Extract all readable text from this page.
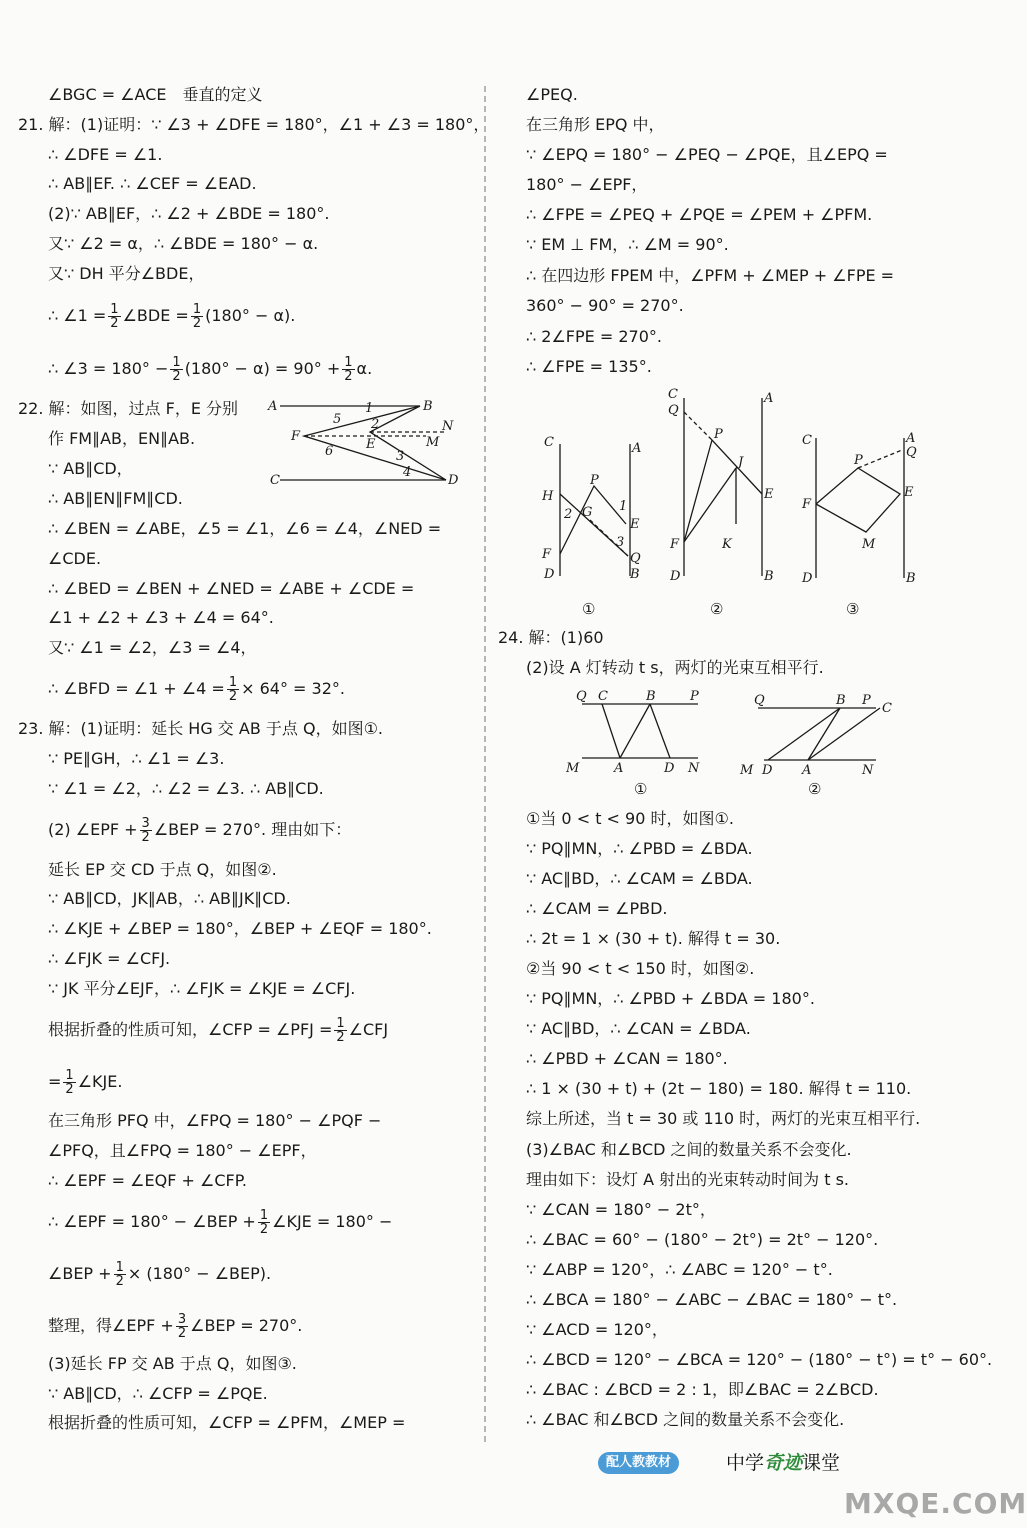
∠BGC = ∠ACE　垂直的定义
21. 解：(1)证明：∵ ∠3 + ∠DFE = 180°，∠1 + ∠3 = 180°，
∴ ∠DFE = ∠1.
∴ AB∥EF. ∴ ∠CEF = ∠EAD.
(2)∵ AB∥EF，∴ ∠2 + ∠BDE = 180°.
又∵ ∠2 = α，∴ ∠BDE = 180° − α.
又∵ DH 平分∠BDE，
22. 解：如图，过点 F，E 分别
作 FM∥AB，EN∥AB.
∵ AB∥CD，
∴ AB∥EN∥FM∥CD.
∴ ∠BEN = ∠ABE，∠5 = ∠1，∠6 = ∠4，∠NED =
∠CDE.
∴ ∠BED = ∠BEN + ∠NED = ∠ABE + ∠CDE =
∠1 + ∠2 + ∠3 + ∠4 = 64°.
又∵ ∠1 = ∠2，∠3 = ∠4，
23. 解：(1)证明：延长 HG 交 AB 于点 Q，如图①.
∵ PE∥GH，∴ ∠1 = ∠3.
∵ ∠1 = ∠2，∴ ∠2 = ∠3. ∴ AB∥CD.
延长 EP 交 CD 于点 Q，如图②.
∵ AB∥CD，JK∥AB，∴ AB∥JK∥CD.
∴ ∠KJE + ∠BEP = 180°，∠BEP + ∠EQF = 180°.
∴ ∠FJK = ∠CFJ.
∵ JK 平分∠EJF，∴ ∠FJK = ∠KJE = ∠CFJ.
在三角形 PFQ 中，∠FPQ = 180° − ∠PQF −
∠PFQ，且∠FPQ = 180° − ∠EPF，
∴ ∠EPF = ∠EQF + ∠CFP.
(3)延长 FP 交 AB 于点 Q，如图③.
∵ AB∥CD，∴ ∠CFP = ∠PQE.
根据折叠的性质可知，∠CFP = ∠PFM，∠MEP =
∴ ∠1 = $\frac{1}{2}$ ∠BDE = $\frac{1}{2} (180^\circ - \alpha)$.
∴ ∠3 = $180^\circ - \frac{1}{2} (180^\circ - \alpha) = 90^\circ + \frac{1}{2} \alpha$.
∴ ∠BFD = ∠1 + ∠4 = $\frac{1}{2} \times 64^\circ = 32^\circ$.
(2) ∠EPF + $\frac{3}{2}$ ∠BEP = 270°. 理由如下：
根据折叠的性质可知，∠CFP = ∠PFJ = $\frac{1}{2}$ ∠CFJ
= $\frac{1}{2}$ ∠KJE.
∴ ∠EPF = 180° − ∠BEP + $\frac{1}{2}$ ∠KJE = 180° −
∠BEP + $\frac{1}{2} \times (180^\circ$ − ∠BEP).
整理，得∠EPF + $\frac{3}{2}$ ∠BEP = 270°.
∠PEQ.
在三角形 EPQ 中，
∵ ∠EPQ = 180° − ∠PEQ − ∠PQE，且∠EPQ =
180° − ∠EPF，
∴ ∠FPE = ∠PEQ + ∠PQE = ∠PEM + ∠PFM.
∵ EM ⊥ FM，∴ ∠M = 90°.
∴ 在四边形 FPEM 中，∠PFM + ∠MEP + ∠FPE =
360° − 90° = 270°.
∴ 2∠FPE = 270°.
∴ ∠FPE = 135°.
24. 解：(1)60
(2)设 A 灯转动 t s，两灯的光束互相平行.
①当 0 < t < 90 时，如图①.
∵ PQ∥MN，∴ ∠PBD = ∠BDA.
∵ AC∥BD，∴ ∠CAM = ∠BDA.
∴ ∠CAM = ∠PBD.
∴ 2t = 1 × (30 + t). 解得 t = 30.
②当 90 < t < 150 时，如图②.
∵ PQ∥MN，∴ ∠PBD + ∠BDA = 180°.
∵ AC∥BD，∴ ∠CAN = ∠BDA.
∴ ∠PBD + ∠CAN = 180°.
∴ 1 × (30 + t) + (2t − 180) = 180. 解得 t = 110.
综上所述，当 t = 30 或 110 时，两灯的光束互相平行.
(3)∠BAC 和∠BCD 之间的数量关系不会变化.
理由如下：设灯 A 射出的光束转动时间为 t s.
∵ ∠CAN = 180° − 2t°，
∴ ∠BAC = 60° − (180° − 2t°) = 2t° − 120°.
∵ ∠ABP = 120°，∴ ∠ABC = 120° − t°.
∴ ∠BCA = 180° − ∠ABC − ∠BAC = 180° − t°.
∵ ∠ACD = 120°，
∴ ∠BCD = 120° − ∠BCA = 120° − (180° − t°) = t° − 60°.
∴ ∠BAC : ∠BCD = 2 : 1，即∠BAC = 2∠BCD.
∴ ∠BAC 和∠BCD 之间的数量关系不会变化.
A	B
C	D
F
E	M
N
1
2
3
4
5
6
C	A
H
P
G
E
F	Q
D	B
1
2
3
①
C
Q
A
P
J
E
K
F
D	B
②
C	A
Q
P
E
F
M
D	B
③
Q C	B	P
M	A	D N
①
Q	B P
C
M D A	N
②
配人教教材	中学奇迹课堂
MXQE.COM
